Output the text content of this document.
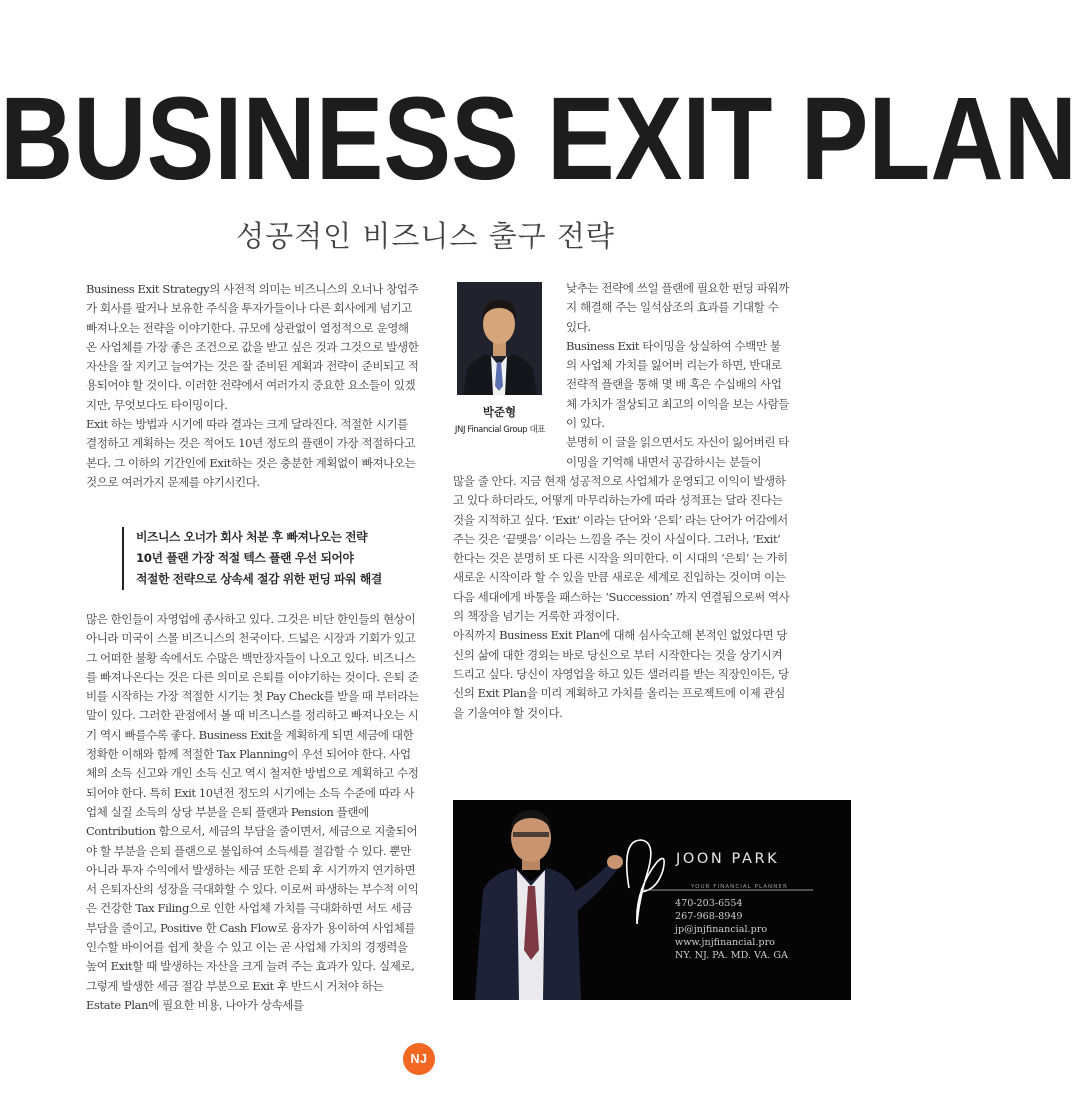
BUSINESS EXIT PLAN
성공적인 비즈니스 출구 전략

Business Exit Strategy의 사전적 의미는 비즈니스의 오너나 창업주가 회사를 팔거나 보유한 주식을 투자가들이나 다른 회사에게 넘기고 빠져나오는 전략을 이야기한다. 규모에 상관없이 열정적으로 운영해 온 사업체를 가장 좋은 조건으로 값을 받고 싶은 것과 그것으로 발생한 자산을 잘 지키고 늘여가는 것은 잘 준비된 계획과 전략이 준비되고 적용되어야 할 것이다. 이러한 전략에서 여러가지 중요한 요소들이 있겠지만, 무엇보다도 타이밍이다.

Exit 하는 방법과 시기에 따라 결과는 크게 달라진다. 적절한 시기를 결정하고 계획하는 것은 적어도 10년 정도의 플랜이 가장 적절하다고 본다. 그 이하의 기간인에 Exit하는 것은 충분한 계획없이 빠져나오는 것으로 여러가지 문제를 야기시킨다.

비즈니스 오너가 회사 처분 후 빠져나오는 전략
10년 플랜 가장 적절 텍스 플랜 우선 되어야
적절한 전략으로 상속세 절감 위한 펀딩 파워 해결

많은 한인들이 자영업에 종사하고 있다. 그것은 비단 한인들의 현상이 아니라 미국이 스몰 비즈니스의 천국이다. 드넓은 시장과 기회가 있고 그 어떠한 불황 속에서도 수많은 백만장자들이 나오고 있다. 비즈니스를 빠져나온다는 것은 다른 의미로 은퇴를 이야기하는 것이다. 은퇴 준비를 시작하는 가장 적절한 시기는 첫 Pay Check를 받을 때 부터라는 말이 있다. 그러한 관점에서 볼 때 비즈니스를 정리하고 빠져나오는 시기 역시 빠를수록 좋다. Business Exit을 계획하게 되면 세금에 대한 정확한 이해와 함께 적절한 Tax Planning이 우선 되어야 한다. 사업체의 소득 신고와 개인 소득 신고 역시 철저한 방법으로 계획하고 수정되어야 한다. 특히 Exit 10년전 정도의 시기에는 소득 수준에 따라 사업체 실질 소득의 상당 부분을 은퇴 플랜과 Pension 플랜에 Contribution 함으로서, 세금의 부담을 줄이면서, 세금으로 지출되어야 할 부분을 은퇴 플랜으로 불입하여 소득세를 절감할 수 있다. 뿐만 아니라 투자 수익에서 발생하는 세금 또한 은퇴 후 시기까지 연기하면서 은퇴자산의 성장을 극대화할 수 있다. 이로써 파생하는 부수적 이익은 건강한 Tax Filing으로 인한 사업체 가치를 극대화하면 서도 세금 부담을 줄이고, Positive 한 Cash Flow로 융자가 용이하여 사업체를 인수할 바이어를 쉽게 찾을 수 있고 이는 곧 사업체 가치의 경쟁력을 높여 Exit할 때 발생하는 자산을 크게 늘려 주는 효과가 있다. 실제로, 그렇게 발생한 세금 절감 부분으로 Exit 후 반드시 거쳐야 하는 Estate Plan에 필요한 비용, 나아가 상속세를

박준형
JNJ Financial Group 대표

낮추는 전략에 쓰일 플랜에 필요한 펀딩 파워까지 해결해 주는 일석삼조의 효과를 기대할 수 있다.

Business Exit 타이밍을 상실하여 수백만 불의 사업체 가치를 잃어버 리는가 하면, 반대로 전략적 플랜을 통해 몇 배 혹은 수십배의 사업체 가치가 절상되고 최고의 이익을 보는 사람들이 있다.

분명히 이 글을 읽으면서도 자신이 잃어버린 타이밍을 기억해 내면서 공감하시는 분들이

많을 줄 안다. 지금 현재 성공적으로 사업체가 운영되고 이익이 발생하고 있다 하더라도, 어떻게 마무리하는가에 따라 성적표는 달라 진다는 것을 지적하고 싶다. ‘Exit’ 이라는 단어와 ‘은퇴’ 라는 단어가 어감에서 주는 것은 ‘끝맺음’ 이라는 느낌을 주는 것이 사실이다. 그러나, ‘Exit’ 한다는 것은 분명히 또 다른 시작을 의미한다. 이 시대의 ‘은퇴’ 는 가히 새로운 시작이라 할 수 있을 만큼 새로운 세계로 진입하는 것이며 이는 다음 세대에게 바통을 패스하는 ‘Succession’ 까지 연결됨으로써 역사의 책장을 넘기는 거룩한 과정이다.

아직까지 Business Exit Plan에 대해 심사숙고해 본적인 없었다면 당신의 삶에 대한 경외는 바로 당신으로 부터 시작한다는 것을 상기시켜 드리고 싶다. 당신이 자영업을 하고 있든 샐러리를 받는 직장인이든, 당신의 Exit Plan을 미리 계획하고 가치를 올리는 프로젝트에 이제 관심을 기울여야 할 것이다.

JOON PARK
YOUR FINANCIAL PLANNER
470-203-6554
267-968-8949
jp@jnjfinancial.pro
www.jnjfinancial.pro
NY. NJ. PA. MD. VA. GA
NJ
